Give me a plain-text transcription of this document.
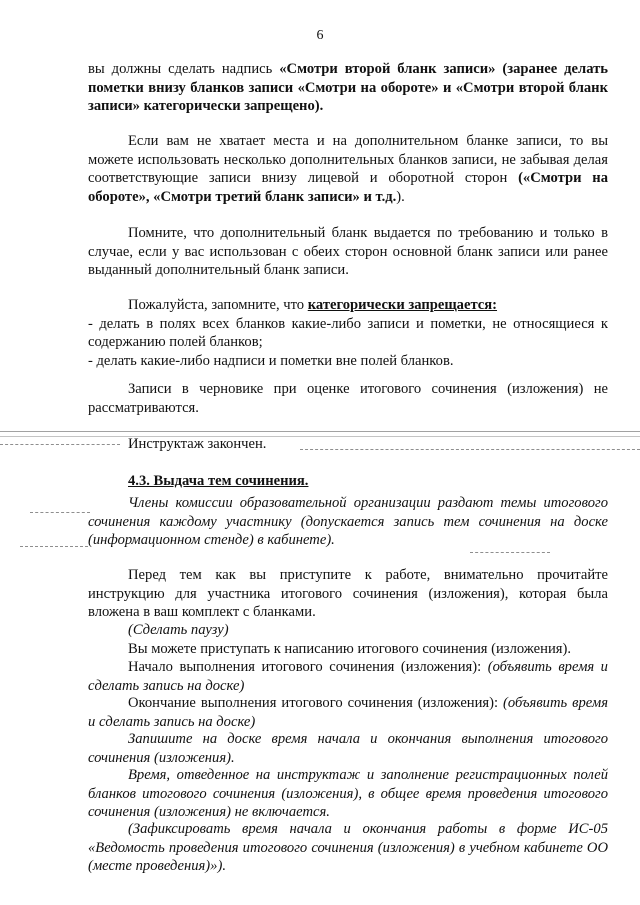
6

вы должны сделать надпись «Смотри второй бланк записи» (заранее делать пометки внизу бланков записи «Смотри на обороте» и «Смотри второй бланк записи» категорически запрещено).

Если вам не хватает места и на дополнительном бланке записи, то вы можете использовать несколько дополнительных бланков записи, не забывая делая соответствующие записи внизу лицевой и оборотной сторон («Смотри на обороте», «Смотри третий бланк записи» и т.д.).

Помните, что дополнительный бланк выдается по требованию и только в случае, если у вас использован с обеих сторон основной бланк записи или ранее выданный дополнительный бланк записи.

Пожалуйста, запомните, что категорически запрещается:

- делать в полях всех бланков какие-либо записи и пометки, не относящиеся к содержанию полей бланков;

- делать какие-либо надписи и пометки вне полей бланков.

Записи в черновике при оценке итогового сочинения (изложения) не рассматриваются.

Инструктаж закончен.
4.3. Выдача тем сочинения.

Члены комиссии образовательной организации раздают темы итогового сочинения каждому участнику (допускается запись тем сочинения на доске (информационном стенде) в кабинете).

Перед тем как вы приступите к работе, внимательно прочитайте инструкцию для участника итогового сочинения (изложения), которая была вложена в ваш комплект с бланками.

(Сделать паузу)

Вы можете приступать к написанию итогового сочинения (изложения).

Начало выполнения итогового сочинения (изложения): (объявить время и сделать запись на доске)

Окончание выполнения итогового сочинения (изложения): (объявить время и сделать запись на доске)

Запишите на доске время начала и окончания выполнения итогового сочинения (изложения).

Время, отведенное на инструктаж и заполнение регистрационных полей бланков итогового сочинения (изложения), в общее время проведения итогового сочинения (изложения) не включается.

(Зафиксировать время начала и окончания работы в форме ИС-05 «Ведомость проведения итогового сочинения (изложения) в учебном кабинете ОО (месте проведения)»).
